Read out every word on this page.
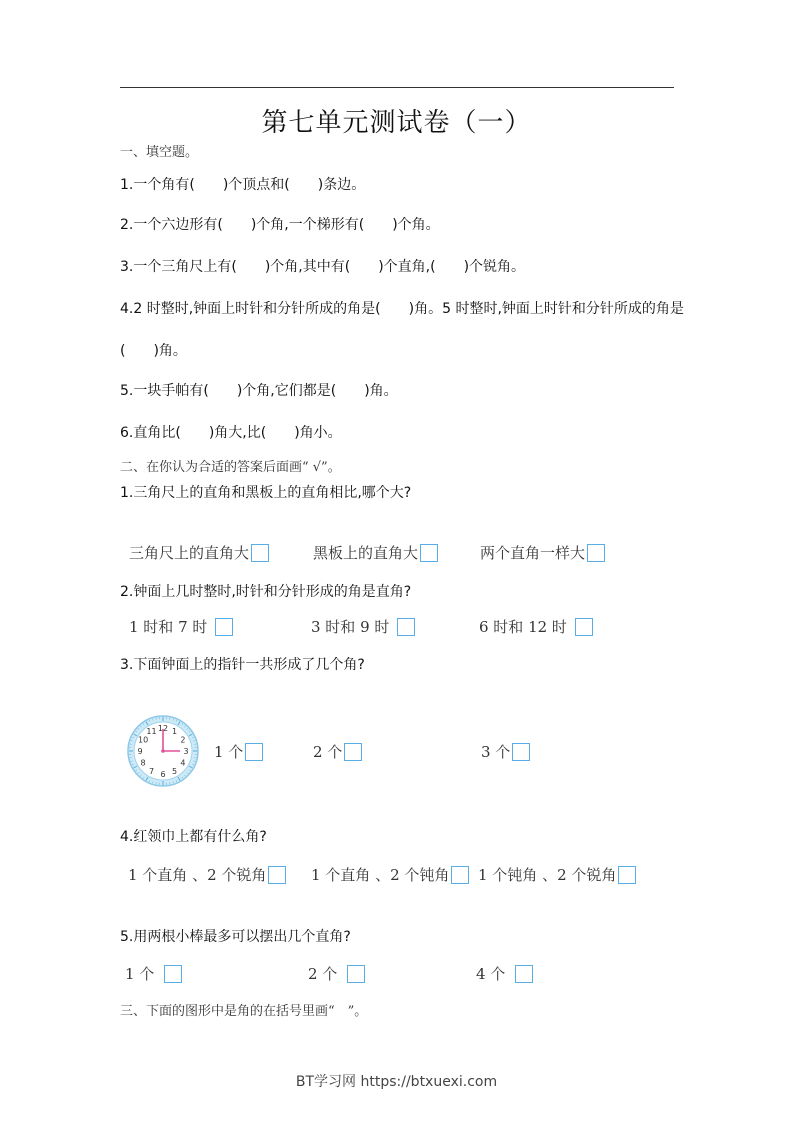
第七单元测试卷（一）
一、填空题。
1.一个角有(　　)个顶点和(　　)条边。
2.一个六边形有(　　)个角,一个梯形有(　　)个角。
3.一个三角尺上有(　　)个角,其中有(　　)个直角,(　　)个锐角。
4.2 时整时,钟面上时针和分针所成的角是(　　)角。5 时整时,钟面上时针和分针所成的角是
(　　)角。
5.一块手帕有(　　)个角,它们都是(　　)角。
6.直角比(　　)角大,比(　　)角小。
二、在你认为合适的答案后面画“ √”。
1.三角尺上的直角和黑板上的直角相比,哪个大?
三角尺上的直角大	黑板上的直角大	两个直角一样大
2.钟面上几时整时,时针和分针形成的角是直角?
1 时和 7 时	3 时和 9 时	6 时和 12 时
3.下面钟面上的指针一共形成了几个角?
12 1
2
3
4
5
6
7
8
9
10
11
1 个	2 个	3 个
4.红领巾上都有什么角?
1 个直角 、2 个锐角	1 个直角 、2 个钝角 1 个钝角 、2 个锐角
5.用两根小棒最多可以摆出几个直角?
1 个	2 个	4 个
三、下面的图形中是角的在括号里画“　”。
BT学习网 https://btxuexi.com
